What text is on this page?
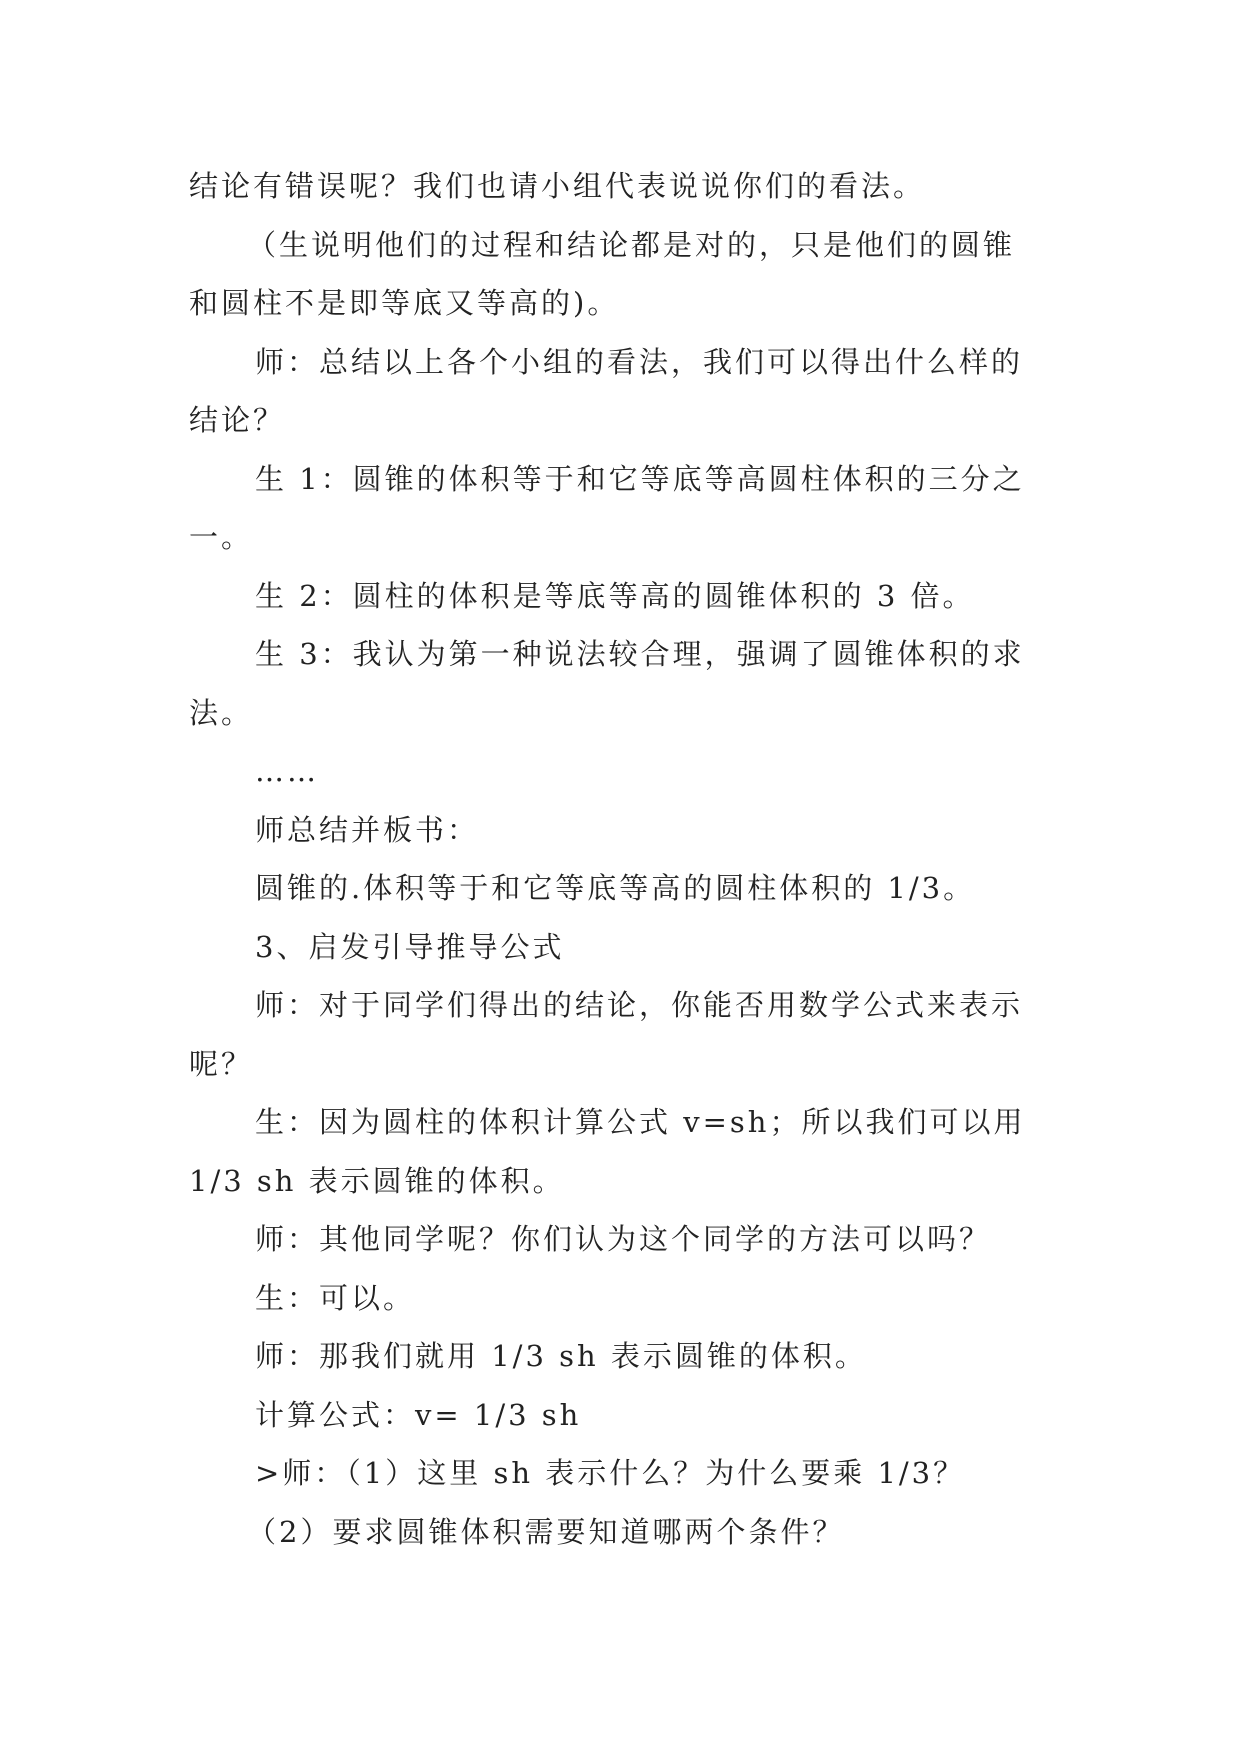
结论有错误呢？我们也请小组代表说说你们的看法。
（生说明他们的过程和结论都是对的，只是他们的圆锥
和圆柱不是即等底又等高的)。
师：总结以上各个小组的看法，我们可以得出什么样的
结论？
生 1：圆锥的体积等于和它等底等高圆柱体积的三分之
一。
生 2：圆柱的体积是等底等高的圆锥体积的 3 倍。
生 3：我认为第一种说法较合理，强调了圆锥体积的求
法。
……
师总结并板书：
圆锥的.体积等于和它等底等高的圆柱体积的 1/3。
3、启发引导推导公式
师：对于同学们得出的结论，你能否用数学公式来表示
呢？
生：因为圆柱的体积计算公式 v=sh；所以我们可以用
1/3 sh 表示圆锥的体积。
师：其他同学呢？你们认为这个同学的方法可以吗？
生：可以。
师：那我们就用 1/3 sh 表示圆锥的体积。
计算公式：v= 1/3 sh
>师：（1）这里 sh 表示什么？为什么要乘 1/3？
（2）要求圆锥体积需要知道哪两个条件？
